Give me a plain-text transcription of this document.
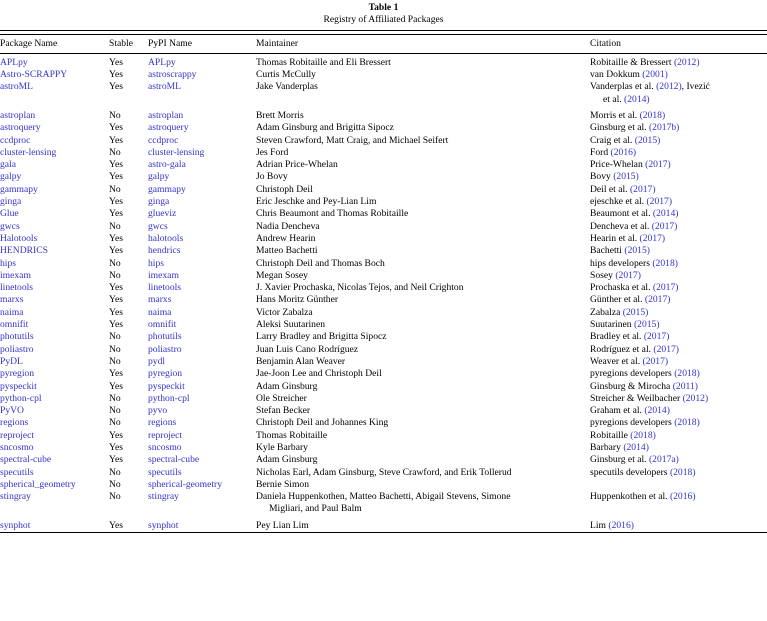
Table 1
Registry of Affiliated Packages

Package Name	Stable	PyPI Name	Maintainer	Citation

APLpy	Yes	APLpy	Thomas Robitaille and Eli Bressert	Robitaille & Bressert (2012)
Astro-SCRAPPY	Yes	astroscrappy	Curtis McCully	van Dokkum (2001)
astroML	Yes	astroML	Jake Vanderplas	Vanderplas et al. (2012), Ivezić
et al. (2014)

astroplan	No	astroplan	Brett Morris	Morris et al. (2018)
astroquery	Yes	astroquery	Adam Ginsburg and Brigitta Sipocz	Ginsburg et al. (2017b)
ccdproc	Yes	ccdproc	Steven Crawford, Matt Craig, and Michael Seifert	Craig et al. (2015)
cluster-lensing	No	cluster-lensing	Jes Ford	Ford (2016)
gala	Yes	astro-gala	Adrian Price-Whelan	Price-Whelan (2017)
galpy	Yes	galpy	Jo Bovy	Bovy (2015)
gammapy	No	gammapy	Christoph Deil	Deil et al. (2017)
ginga	Yes	ginga	Eric Jeschke and Pey-Lian Lim	ejeschke et al. (2017)
Glue	Yes	glueviz	Chris Beaumont and Thomas Robitaille	Beaumont et al. (2014)
gwcs	No	gwcs	Nadia Dencheva	Dencheva et al. (2017)
Halotools	Yes	halotools	Andrew Hearin	Hearin et al. (2017)
HENDRICS	Yes	hendrics	Matteo Bachetti	Bachetti (2015)
hips	No	hips	Christoph Deil and Thomas Boch	hips developers (2018)
imexam	No	imexam	Megan Sosey	Sosey (2017)
linetools	Yes	linetools	J. Xavier Prochaska, Nicolas Tejos, and Neil Crighton	Prochaska et al. (2017)
marxs	Yes	marxs	Hans Moritz Günther	Günther et al. (2017)
naima	Yes	naima	Victor Zabalza	Zabalza (2015)
omnifit	Yes	omnifit	Aleksi Suutarinen	Suutarinen (2015)
photutils	No	photutils	Larry Bradley and Brigitta Sipocz	Bradley et al. (2017)
poliastro	No	poliastro	Juan Luis Cano Rodríguez	Rodríguez et al. (2017)
PyDL	No	pydl	Benjamin Alan Weaver	Weaver et al. (2017)
pyregion	Yes	pyregion	Jae-Joon Lee and Christoph Deil	pyregions developers (2018)
pyspeckit	Yes	pyspeckit	Adam Ginsburg	Ginsburg & Mirocha (2011)
python-cpl	No	python-cpl	Ole Streicher	Streicher & Weilbacher (2012)
PyVO	No	pyvo	Stefan Becker	Graham et al. (2014)
regions	No	regions	Christoph Deil and Johannes King	pyregions developers (2018)
reproject	Yes	reproject	Thomas Robitaille	Robitaille (2018)
sncosmo	Yes	sncosmo	Kyle Barbary	Barbary (2014)
spectral-cube	Yes	spectral-cube	Adam Ginsburg	Ginsburg et al. (2017a)
specutils	No	specutils	Nicholas Earl, Adam Ginsburg, Steve Crawford, and Erik Tollerud	specutils developers (2018)
spherical_geometry	No	spherical-geometry	Bernie Simon	
stingray	No	stingray	Daniela Huppenkothen, Matteo Bachetti, Abigail Stevens, Simone
Migliari, and Paul Balm	Huppenkothen et al. (2016)

synphot	Yes	synphot	Pey Lian Lim	Lim (2016)
